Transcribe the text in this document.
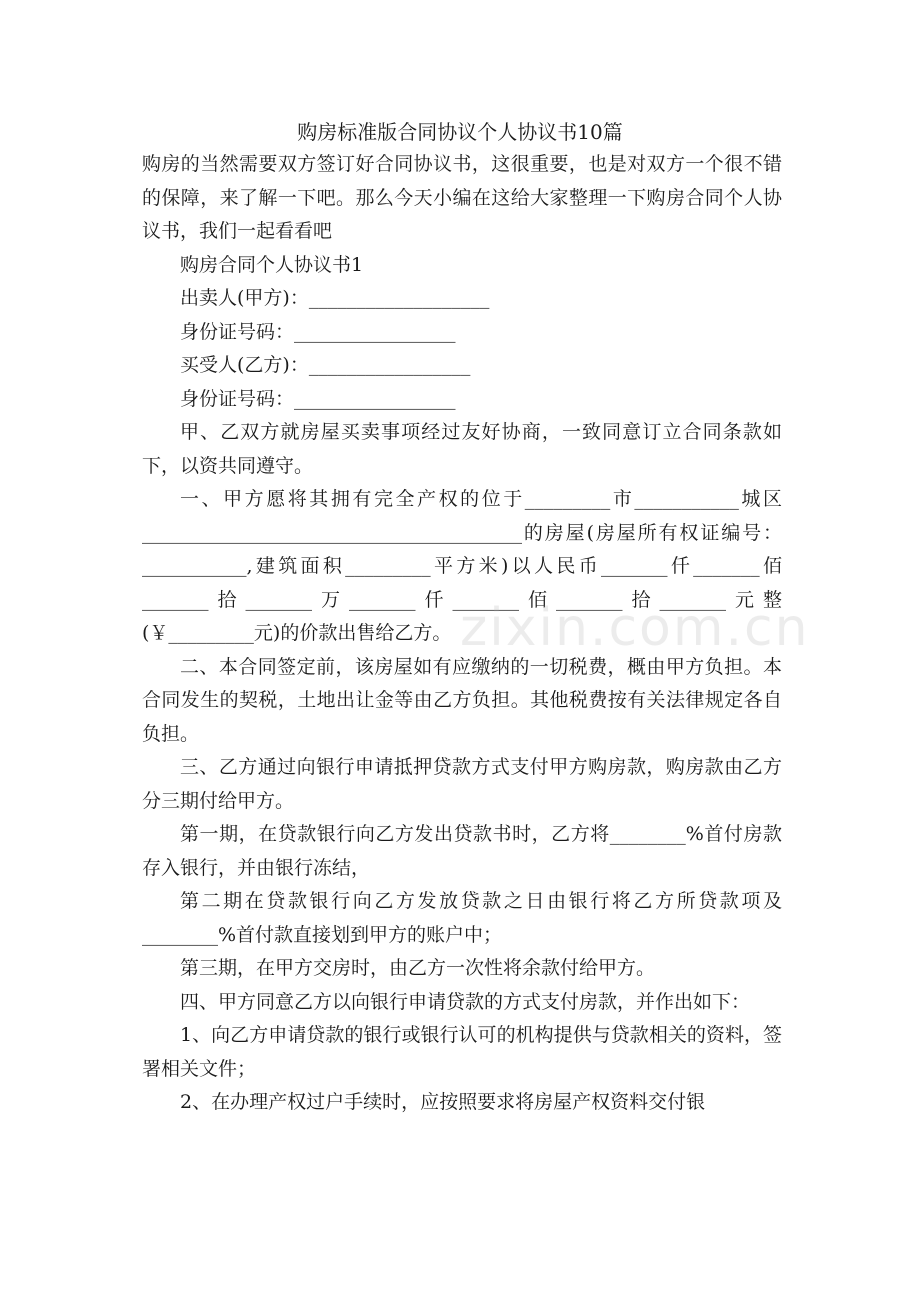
购房标准版合同协议个人协议书10篇

购房的当然需要双方签订好合同协议书，这很重要，也是对双方一个很不错的保障，来了解一下吧。那么今天小编在这给大家整理一下购房合同个人协议书，我们一起看看吧

购房合同个人协议书1

出卖人(甲方)：___________________

身份证号码：_________________

买受人(乙方)：_________________

身份证号码：_________________

甲、乙双方就房屋买卖事项经过友好协商，一致同意订立合同条款如下，以资共同遵守。

一、甲方愿将其拥有完全产权的位于_________市___________城区________________________________________的房屋(房屋所有权证编号：___________,建筑面积_________平方米)以人民币_______仟_______佰_______拾_______万_______仟_______佰_______拾_______元整(￥_________元)的价款出售给乙方。

二、本合同签定前，该房屋如有应缴纳的一切税费，概由甲方负担。本合同发生的契税，土地出让金等由乙方负担。其他税费按有关法律规定各自负担。

三、乙方通过向银行申请抵押贷款方式支付甲方购房款，购房款由乙方分三期付给甲方。

第一期，在贷款银行向乙方发出贷款书时，乙方将________%首付房款存入银行，并由银行冻结，

第二期在贷款银行向乙方发放贷款之日由银行将乙方所贷款项及________%首付款直接划到甲方的账户中；

第三期，在甲方交房时，由乙方一次性将余款付给甲方。

四、甲方同意乙方以向银行申请贷款的方式支付房款，并作出如下：

1、向乙方申请贷款的银行或银行认可的机构提供与贷款相关的资料，签署相关文件；

2、在办理产权过户手续时，应按照要求将房屋产权资料交付银

zixin.com.cn
